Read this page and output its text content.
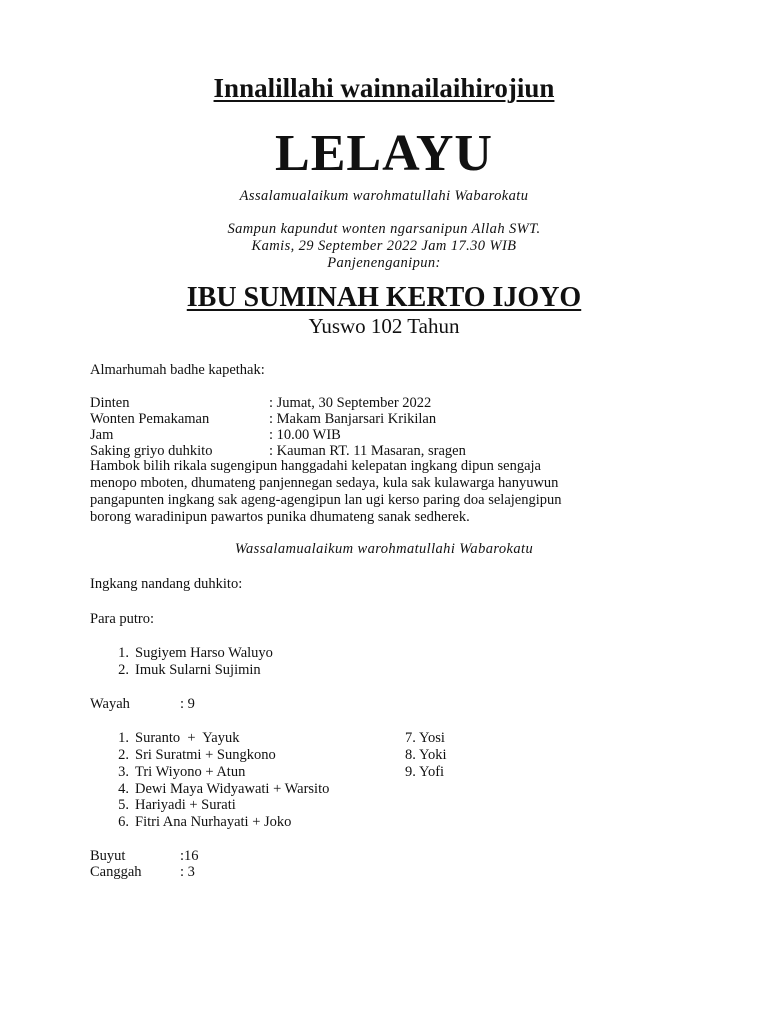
Innalillahi wainnailaihirojiun
LELAYU
Assalamualaikum warohmatullahi Wabarokatu
Sampun kapundut wonten ngarsanipun Allah SWT.
Kamis, 29 September 2022 Jam 17.30 WIB
Panjenenganipun:
IBU SUMINAH KERTO IJOYO
Yuswo 102 Tahun
Almarhumah badhe kapethak:
Dinten	: Jumat, 30 September 2022
Wonten Pemakaman	: Makam Banjarsari Krikilan
Jam	: 10.00 WIB
Saking griyo duhkito	: Kauman RT. 11 Masaran, sragen
Hambok bilih rikala sugengipun hanggadahi kelepatan ingkang dipun sengaja
menopo mboten, dhumateng panjennegan sedaya, kula sak kulawarga hanyuwun
pangapunten ingkang sak ageng-agengipun lan ugi kerso paring doa selajengipun
borong waradinipun pawartos punika dhumateng sanak sedherek.
Wassalamualaikum warohmatullahi Wabarokatu
Ingkang nandang duhkito:
Para putro:
1. Sugiyem Harso Waluyo
2. Imuk Sularni Sujimin
Wayah	: 9
1. Suranto  +  Yayuk
2. Sri Suratmi + Sungkono
3. Tri Wiyono + Atun
4. Dewi Maya Widyawati + Warsito
5. Hariyadi + Surati
6. Fitri Ana Nurhayati + Joko
7. Yosi
8. Yoki
9. Yofi
Buyut	:16
Canggah	: 3
